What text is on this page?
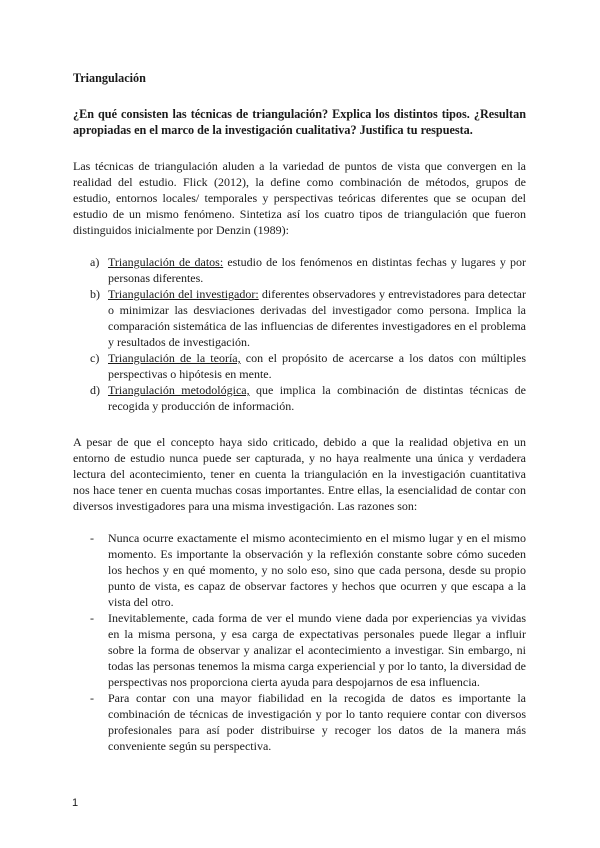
Triangulación

¿En qué consisten las técnicas de triangulación? Explica los distintos tipos. ¿Resultan apropiadas en el marco de la investigación cualitativa? Justifica tu respuesta.

Las técnicas de triangulación aluden a la variedad de puntos de vista que convergen en la realidad del estudio. Flick (2012), la define como combinación de métodos, grupos de estudio, entornos locales/ temporales y perspectivas teóricas diferentes que se ocupan del estudio de un mismo fenómeno. Sintetiza así los cuatro tipos de triangulación que fueron distinguidos inicialmente por Denzin (1989):

a) Triangulación de datos: estudio de los fenómenos en distintas fechas y lugares y por personas diferentes.
b) Triangulación del investigador: diferentes observadores y entrevistadores para detectar o minimizar las desviaciones derivadas del investigador como persona. Implica la comparación sistemática de las influencias de diferentes investigadores en el problema y resultados de investigación.
c) Triangulación de la teoría, con el propósito de acercarse a los datos con múltiples perspectivas o hipótesis en mente.
d) Triangulación metodológica, que implica la combinación de distintas técnicas de recogida y producción de información.

A pesar de que el concepto haya sido criticado, debido a que la realidad objetiva en un entorno de estudio nunca puede ser capturada, y no haya realmente una única y verdadera lectura del acontecimiento, tener en cuenta la triangulación en la investigación cuantitativa nos hace tener en cuenta muchas cosas importantes. Entre ellas, la esencialidad de contar con diversos investigadores para una misma investigación. Las razones son:

- Nunca ocurre exactamente el mismo acontecimiento en el mismo lugar y en el mismo momento. Es importante la observación y la reflexión constante sobre cómo suceden los hechos y en qué momento, y no solo eso, sino que cada persona, desde su propio punto de vista, es capaz de observar factores y hechos que ocurren y que escapa a la vista del otro.
- Inevitablemente, cada forma de ver el mundo viene dada por experiencias ya vividas en la misma persona, y esa carga de expectativas personales puede llegar a influir sobre la forma de observar y analizar el acontecimiento a investigar. Sin embargo, ni todas las personas tenemos la misma carga experiencial y por lo tanto, la diversidad de perspectivas nos proporciona cierta ayuda para despojarnos de esa influencia.
- Para contar con una mayor fiabilidad en la recogida de datos es importante la combinación de técnicas de investigación y por lo tanto requiere contar con diversos profesionales para así poder distribuirse y recoger los datos de la manera más conveniente según su perspectiva.
1
